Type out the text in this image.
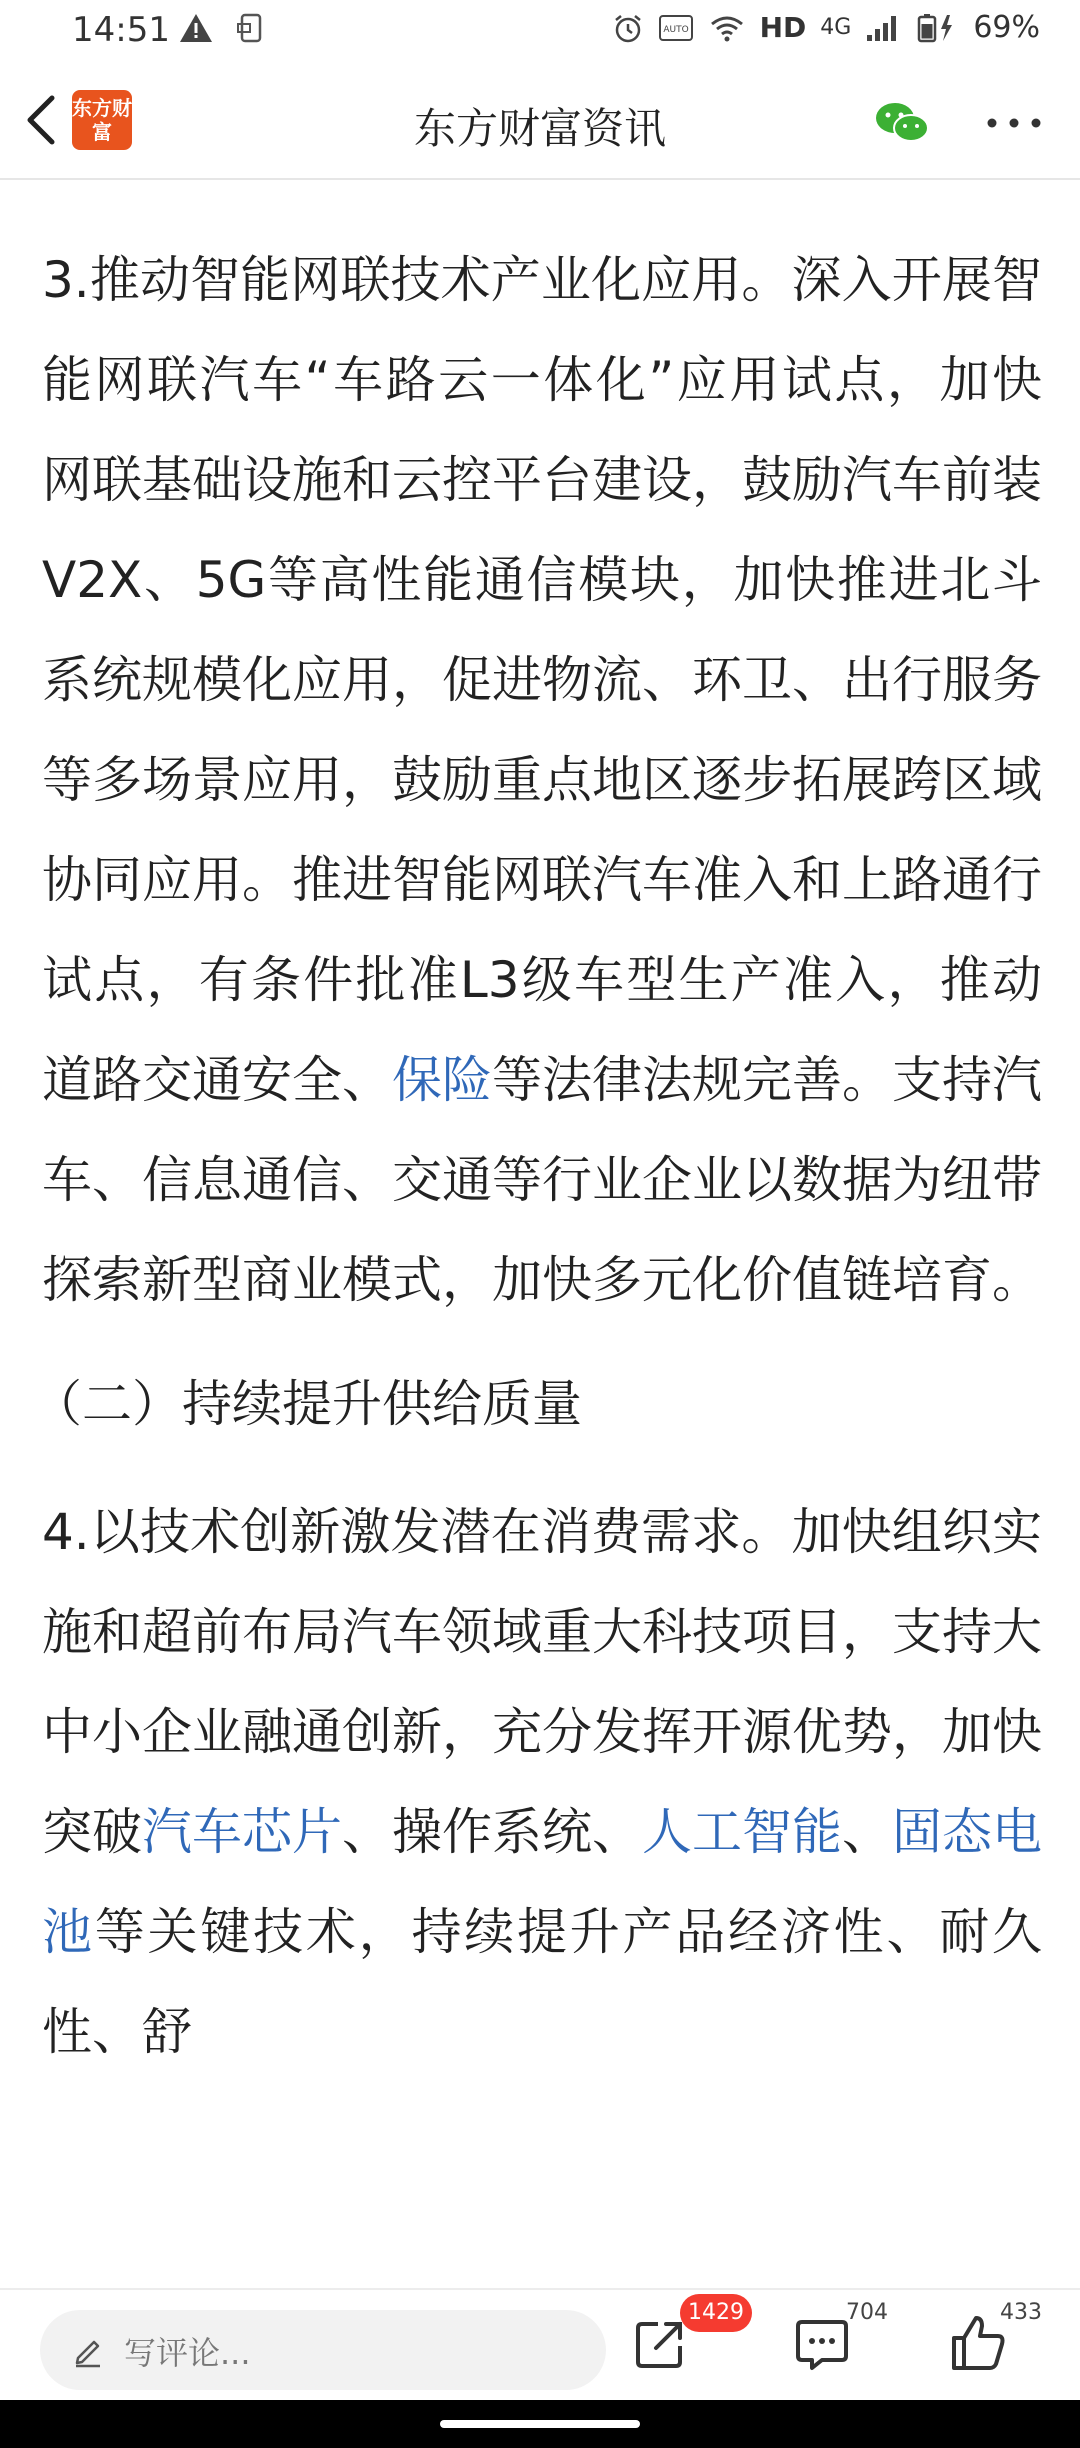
14:51	AUTO	HD 4G	69%
东方财富	东方财富资讯

3.推动智能网联技术产业化应用。深入开展智能网联汽车“车路云一体化”应用试点，加快网联基础设施和云控平台建设，鼓励汽车前装V2X、5G等高性能通信模块，加快推进北斗系统规模化应用，促进物流、环卫、出行服务等多场景应用，鼓励重点地区逐步拓展跨区域协同应用。推进智能网联汽车准入和上路通行试点，有条件批准L3级车型生产准入，推动道路交通安全、保险等法律法规完善。支持汽车、信息通信、交通等行业企业以数据为纽带探索新型商业模式，加快多元化价值链培育。

（二）持续提升供给质量

4.以技术创新激发潜在消费需求。加快组织实施和超前布局汽车领域重大科技项目，支持大中小企业融通创新，充分发挥开源优势，加快突破汽车芯片、操作系统、人工智能、固态电池等关键技术，持续提升产品经济性、耐久性、舒

写评论...
1429	704	433
